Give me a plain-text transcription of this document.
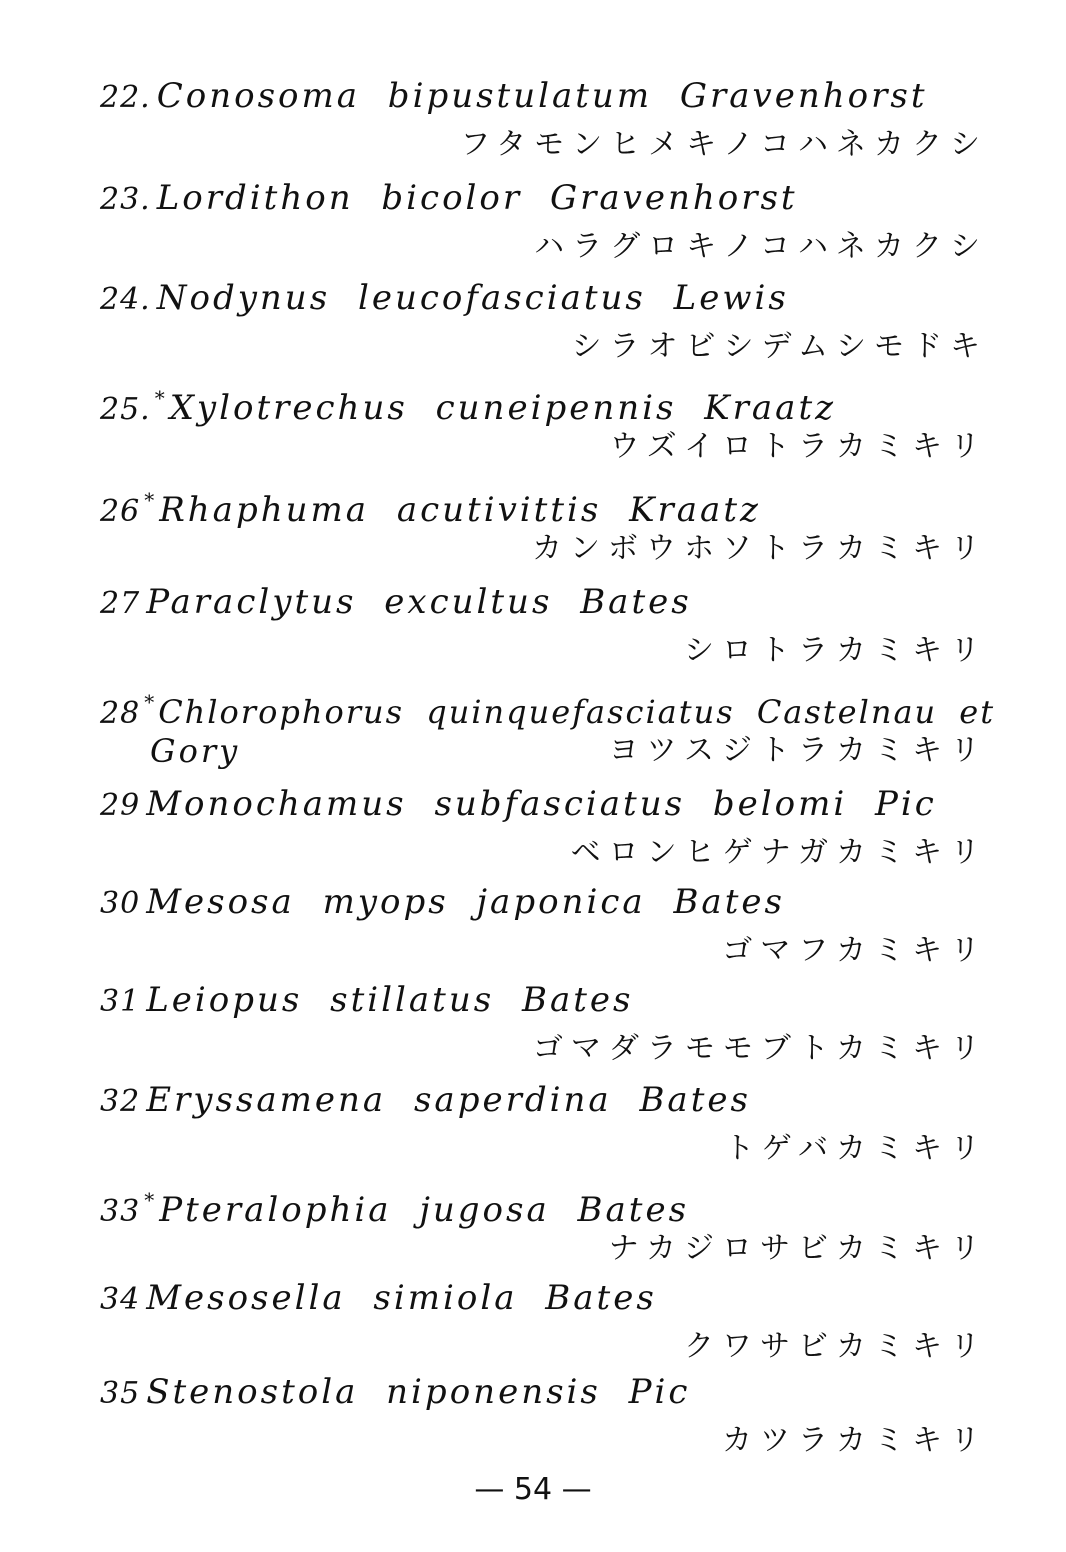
22. Conosoma bipustulatum Gravenhorst
フタモンヒメキノコハネカクシ
23. Lordithon bicolor Gravenhorst
ハラグロキノコハネカクシ
24. Nodynus leucofasciatus Lewis
シラオビシデムシモドキ
25. *Xylotrechus cuneipennis Kraatz
ウズイロトラカミキリ
26 *Rhaphuma acutivittis Kraatz
カンボウホソトラカミキリ
27 Paraclytus excultus Bates
シロトラカミキリ
28 *Chlorophorus quinquefasciatus Castelnau et
Gory	ヨツスジトラカミキリ
29 Monochamus subfasciatus belomi Pic
ベロンヒゲナガカミキリ
30 Mesosa myops japonica Bates
ゴマフカミキリ
31 Leiopus stillatus Bates
ゴマダラモモブトカミキリ
32 Eryssamena saperdina Bates
トゲバカミキリ
33 *Pteralophia jugosa Bates
ナカジロサビカミキリ
34 Mesosella simiola Bates
クワサビカミキリ
35 Stenostola niponensis Pic
カツラカミキリ
— 54 —
